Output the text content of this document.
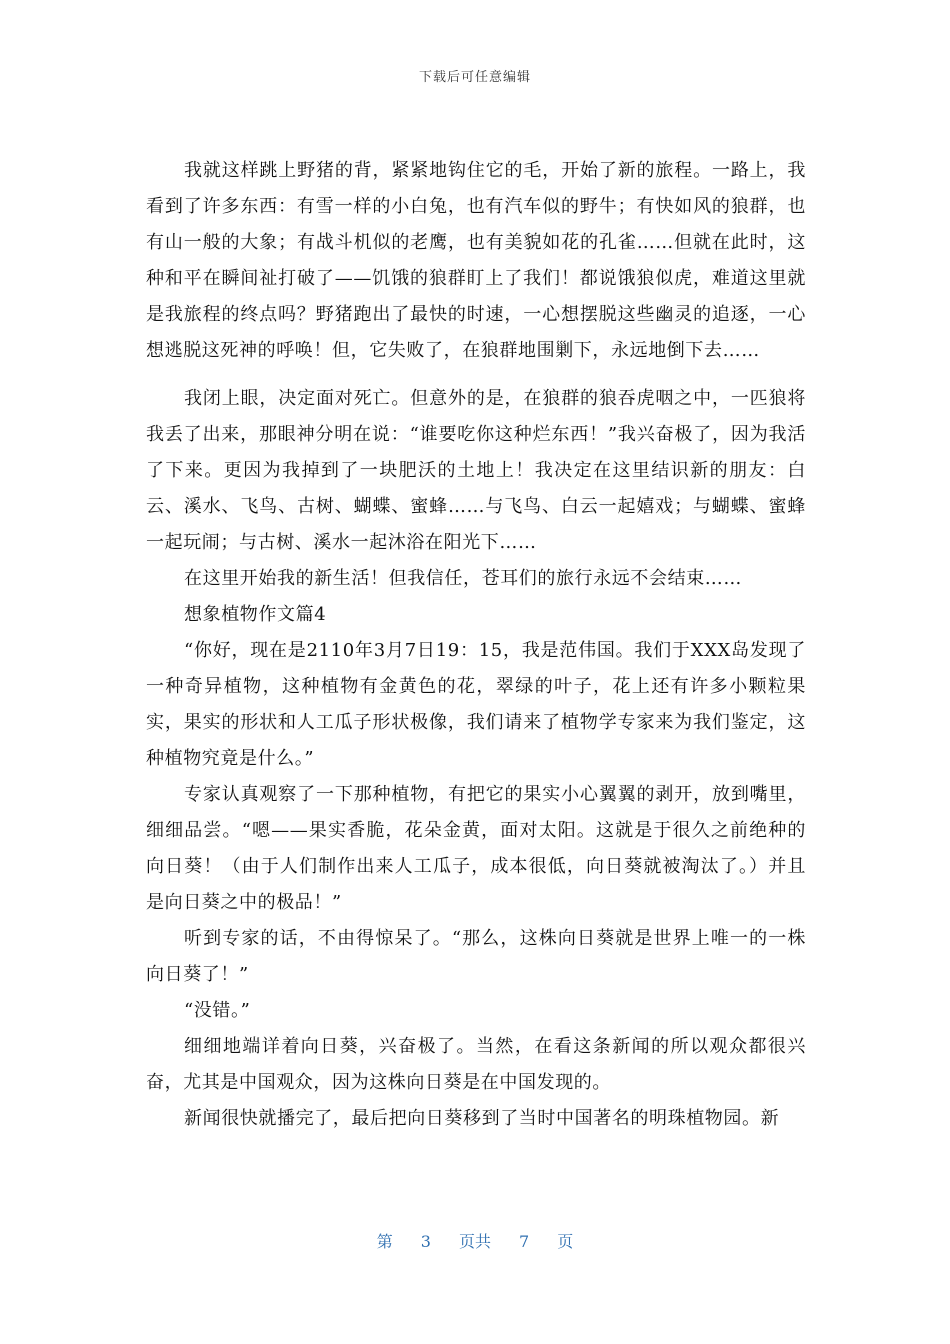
下载后可任意编辑

我就这样跳上野猪的背，紧紧地钩住它的毛，开始了新的旅程。一路上，我看到了许多东西：有雪一样的小白兔，也有汽车似的野牛；有快如风的狼群，也有山一般的大象；有战斗机似的老鹰，也有美貌如花的孔雀……但就在此时，这种和平在瞬间祉打破了——饥饿的狼群盯上了我们！都说饿狼似虎，难道这里就是我旅程的终点吗？野猪跑出了最快的时速，一心想摆脱这些幽灵的追逐，一心想逃脱这死神的呼唤！但，它失败了，在狼群地围剿下，永远地倒下去……

我闭上眼，决定面对死亡。但意外的是，在狼群的狼吞虎咽之中，一匹狼将我丢了出来，那眼神分明在说：“谁要吃你这种烂东西！”我兴奋极了，因为我活了下来。更因为我掉到了一块肥沃的土地上！我决定在这里结识新的朋友：白云、溪水、飞鸟、古树、蝴蝶、蜜蜂……与飞鸟、白云一起嬉戏；与蝴蝶、蜜蜂一起玩闹；与古树、溪水一起沐浴在阳光下……

在这里开始我的新生活！但我信任，苍耳们的旅行永远不会结束……

想象植物作文篇4

“你好，现在是2110年3月7日19：15，我是范伟国。我们于XXX岛发现了一种奇异植物，这种植物有金黄色的花，翠绿的叶子，花上还有许多小颗粒果实，果实的形状和人工瓜子形状极像，我们请来了植物学专家来为我们鉴定，这种植物究竟是什么。”

专家认真观察了一下那种植物，有把它的果实小心翼翼的剥开，放到嘴里，细细品尝。“嗯——果实香脆，花朵金黄，面对太阳。这就是于很久之前绝种的向日葵！（由于人们制作出来人工瓜子，成本很低，向日葵就被淘汰了。）并且是向日葵之中的极品！”

听到专家的话，不由得惊呆了。“那么，这株向日葵就是世界上唯一的一株向日葵了！”

“没错。”

细细地端详着向日葵，兴奋极了。当然，在看这条新闻的所以观众都很兴奋，尤其是中国观众，因为这株向日葵是在中国发现的。

新闻很快就播完了，最后把向日葵移到了当时中国著名的明珠植物园。新

第 3 页共 7 页
